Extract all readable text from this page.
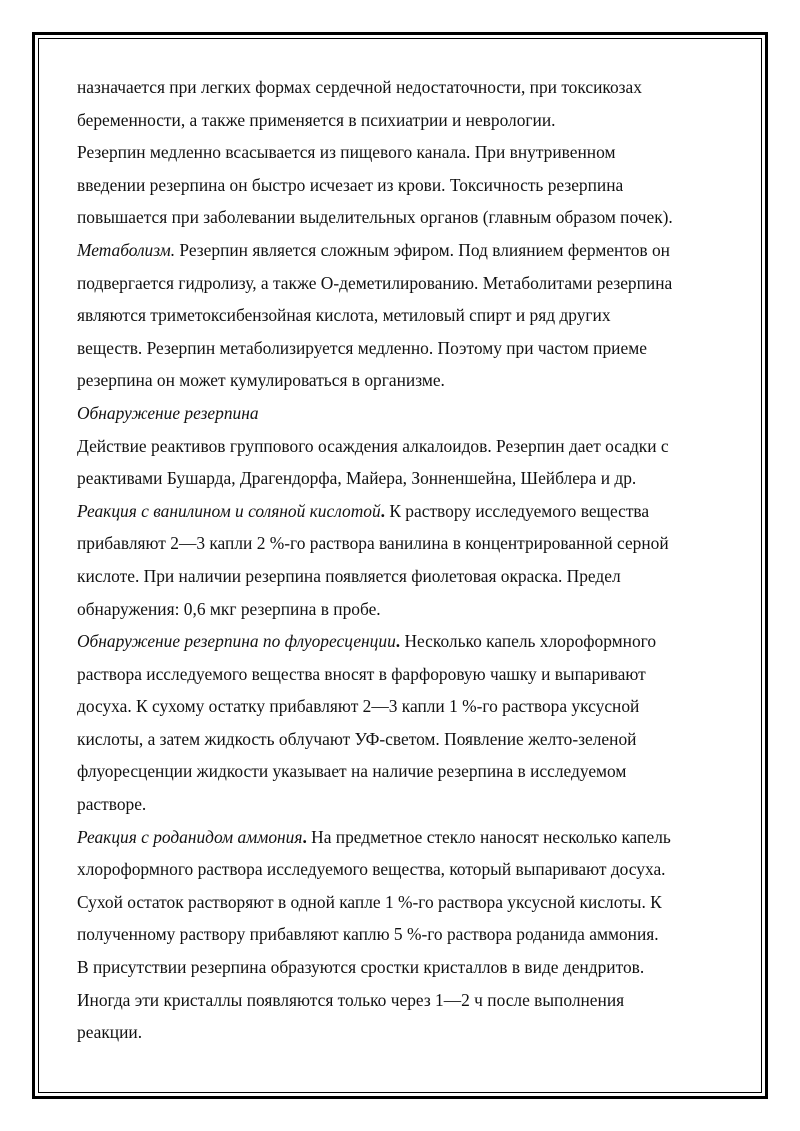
назначается при легких формах сердечной недостаточности, при токсикозах
беременности, а также применяется в психиатрии и неврологии.
Резерпин медленно всасывается из пищевого канала. При внутривенном
введении резерпина он быстро исчезает из крови. Токсичность резерпина
повышается при заболевании выделительных органов (главным образом почек).
Метаболизм. Резерпин является сложным эфиром. Под влиянием ферментов он
подвергается гидролизу, а также О-деметилированию. Метаболитами резерпина
являются триметоксибензойная кислота, метиловый спирт и ряд других
веществ. Резерпин метаболизируется медленно. Поэтому при частом приеме
резерпина он может кумулироваться в организме.
Обнаружение резерпина
Действие реактивов группового осаждения алкалоидов. Резерпин дает осадки с
реактивами Бушарда, Драгендорфа, Майера, Зонненшейна, Шейблера и др.
Реакция с ванилином и соляной кислотой. К раствору исследуемого вещества
прибавляют 2—3 капли 2 %-го раствора ванилина в концентрированной серной
кислоте. При наличии резерпина появляется фиолетовая окраска. Предел
обнаружения: 0,6 мкг резерпина в пробе.
Обнаружение резерпина по флуоресценции. Несколько капель хлороформного
раствора исследуемого вещества вносят в фарфоровую чашку и выпаривают
досуха. К сухому остатку прибавляют 2—3 капли 1 %-го раствора уксусной
кислоты, а затем жидкость облучают УФ-светом. Появление желто-зеленой
флуоресценции жидкости указывает на наличие резерпина в исследуемом
растворе.
Реакция с роданидом аммония. На предметное стекло наносят несколько капель
хлороформного раствора исследуемого вещества, который выпаривают досуха.
Сухой остаток растворяют в одной капле 1 %-го раствора уксусной кислоты. К
полученному раствору прибавляют каплю 5 %-го раствора роданида аммония.
В присутствии резерпина образуются сростки кристаллов в виде дендритов.
Иногда эти кристаллы появляются только через 1—2 ч после выполнения
реакции.
